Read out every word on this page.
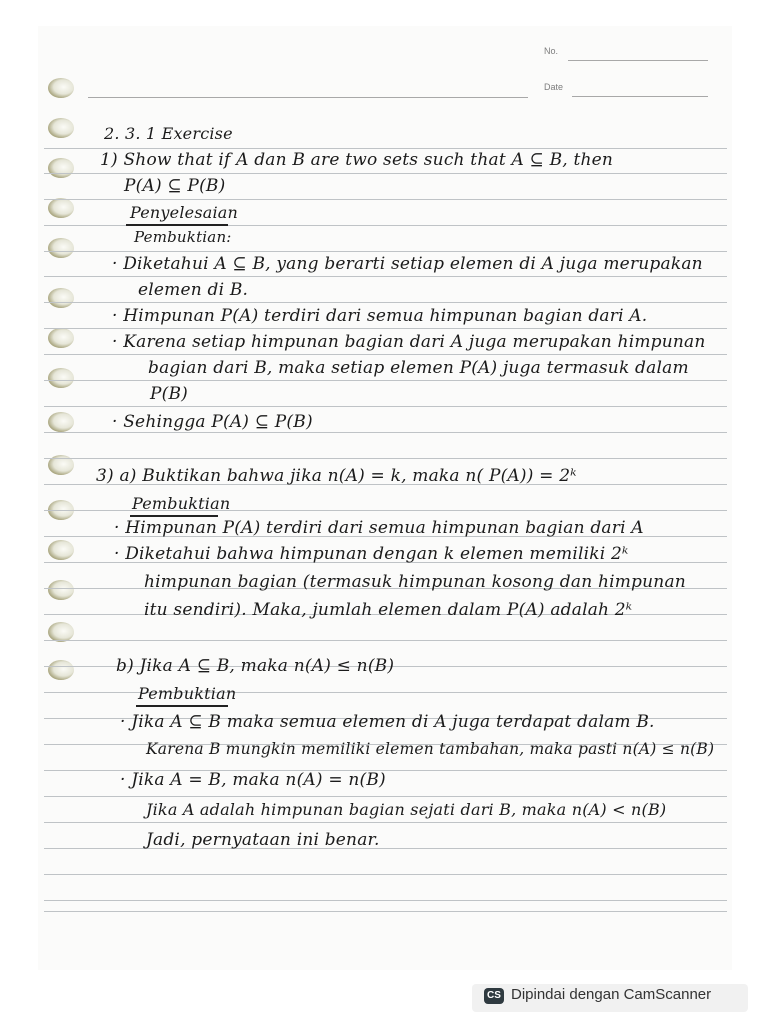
No.
Date
2. 3. 1 Exercise
1) Show that if A dan B are two sets such that A ⊆ B, then
P(A) ⊆ P(B)
Penyelesaian
Pembuktian:
· Diketahui A ⊆ B, yang berarti setiap elemen di A juga merupakan
elemen di B.
· Himpunan P(A) terdiri dari semua himpunan bagian dari A.
· Karena setiap himpunan bagian dari A juga merupakan himpunan
bagian dari B, maka setiap elemen P(A) juga termasuk dalam
P(B)
· Sehingga P(A) ⊆ P(B)
3) a) Buktikan bahwa jika n(A) = k, maka n( P(A)) = 2ᵏ
Pembuktian
· Himpunan P(A) terdiri dari semua himpunan bagian dari A
· Diketahui bahwa himpunan dengan k elemen memiliki 2ᵏ
himpunan bagian (termasuk himpunan kosong dan himpunan
itu sendiri). Maka, jumlah elemen dalam P(A) adalah 2ᵏ
b) Jika A ⊆ B, maka n(A) ≤ n(B)
Pembuktian
· Jika A ⊆ B maka semua elemen di A juga terdapat dalam B.
Karena B mungkin memiliki elemen tambahan, maka pasti n(A) ≤ n(B)
· Jika A = B, maka n(A) = n(B)
Jika A adalah himpunan bagian sejati dari B, maka n(A) < n(B)
Jadi, pernyataan ini benar.
CS Dipindai dengan CamScanner
